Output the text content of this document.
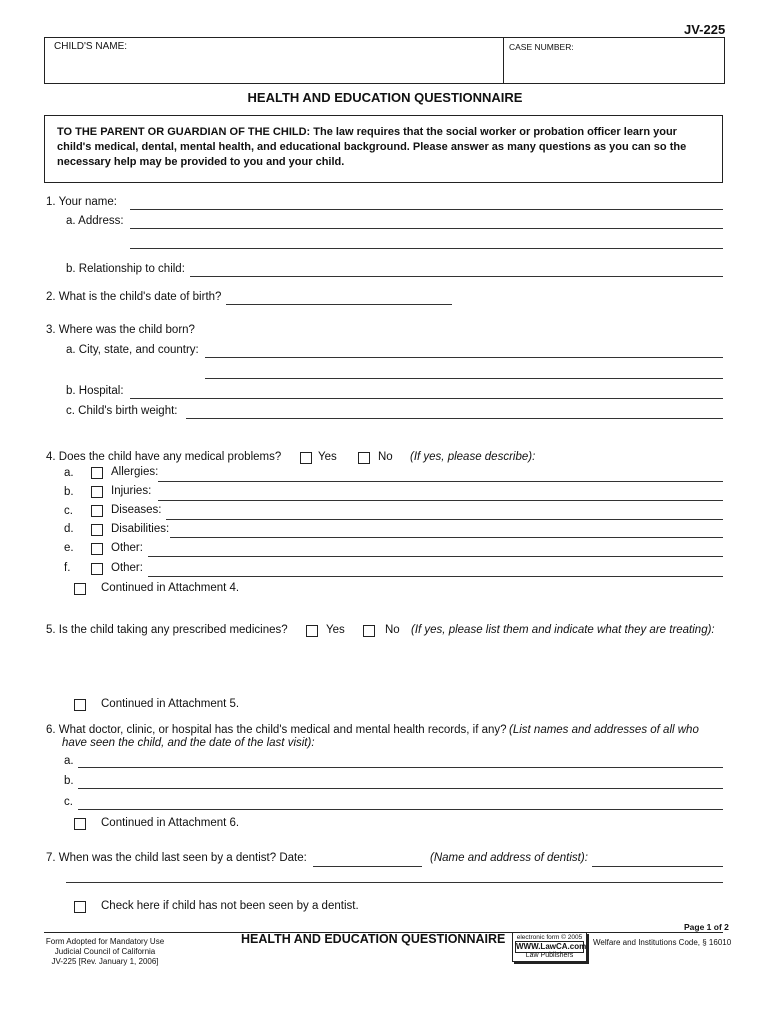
JV-225
CHILD'S NAME:	CASE NUMBER:
HEALTH AND EDUCATION QUESTIONNAIRE
TO THE PARENT OR GUARDIAN OF THE CHILD: The law requires that the social worker or probation officer learn your child's medical, dental, mental health, and educational background. Please answer as many questions as you can so the necessary help may be provided to you and your child.
1. Your name:
a. Address:
b. Relationship to child:
2. What is the child's date of birth?
3. Where was the child born?
a. City, state, and country:
b. Hospital:
c. Child's birth weight:
4. Does the child have any medical problems?	Yes	No (If yes, please describe):
a.	Allergies:
b.	Injuries:
c.	Diseases:
d.	Disabilities:
e.	Other:
f.	Other:
Continued in Attachment 4.
5. Is the child taking any prescribed medicines?	Yes	No (If yes, please list them and indicate what they are treating):
Continued in Attachment 5.
6. What doctor, clinic, or hospital has the child's medical and mental health records, if any? (List names and addresses of all who
have seen the child, and the date of the last visit):
a.
b.
c.
Continued in Attachment 6.
7. When was the child last seen by a dentist? Date:	(Name and address of dentist):
Check here if child has not been seen by a dentist.
Page 1 of 2
Form Adopted for Mandatory Use
Judicial Council of California
JV-225 [Rev. January 1, 2006]
HEALTH AND EDUCATION QUESTIONNAIRE	electronic form © 2005
WWW.LawCA.com
Law Publishers
Welfare and Institutions Code, § 16010
